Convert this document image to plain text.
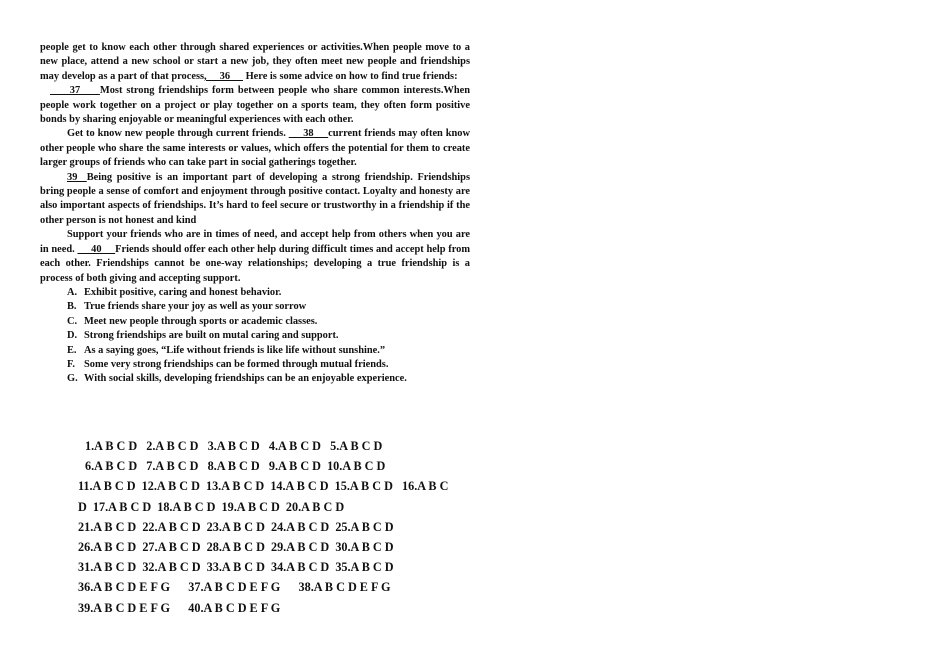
people get to know each other through shared experiences or activities.When people move to a new place, attend a new school or start a new job, they often meet new people and friendships may develop as a part of that process,     36      Here is some advice on how to find true friends:

37     Most strong friendships form between people who share common interests.When people work together on a project or play together on a sports team, they often form positive bonds by sharing enjoyable or meaningful experiences with each other.

Get to know new people through current friends.      38     current friends may often know other people who share the same interests or values, which offers the potential for them to create larger groups of friends who can take part in social gatherings together.

39  Being positive is an important part of developing a strong friendship. Friendships bring people a sense of comfort and enjoyment through positive contact. Loyalty and honesty are also important aspects of friendships. It’s hard to feel secure or trustworthy in a friendship if the other person is not honest and kind

Support your friends who are in times of need, and accept help from others when you are in need.      40     Friends should offer each other help during difficult times and accept help from each other. Friendships cannot be one-way relationships; developing a true friendship is a process of both giving and accepting support.

A. Exhibit positive, caring and honest behavior.
B. True friends share your joy as well as your sorrow
C. Meet new people through sports or academic classes.
D. Strong friendships are built on mutal caring and support.
E. As a saying goes, “Life without friends is like life without sunshine.”
F. Some very strong friendships can be formed through mutual friends.
G. With social skills, developing friendships can be an enjoyable experience.
1.A B C D   2.A B C D   3.A B C D   4.A B C D   5.A B C D
6.A B C D   7.A B C D   8.A B C D   9.A B C D  10.A B C D
11.A B C D  12.A B C D  13.A B C D  14.A B C D  15.A B C D   16.A B C
D  17.A B C D  18.A B C D  19.A B C D  20.A B C D
21.A B C D  22.A B C D  23.A B C D  24.A B C D  25.A B C D
26.A B C D  27.A B C D  28.A B C D  29.A B C D  30.A B C D
31.A B C D  32.A B C D  33.A B C D  34.A B C D  35.A B C D
36.A B C D E F G      37.A B C D E F G      38.A B C D E F G
39.A B C D E F G      40.A B C D E F G
